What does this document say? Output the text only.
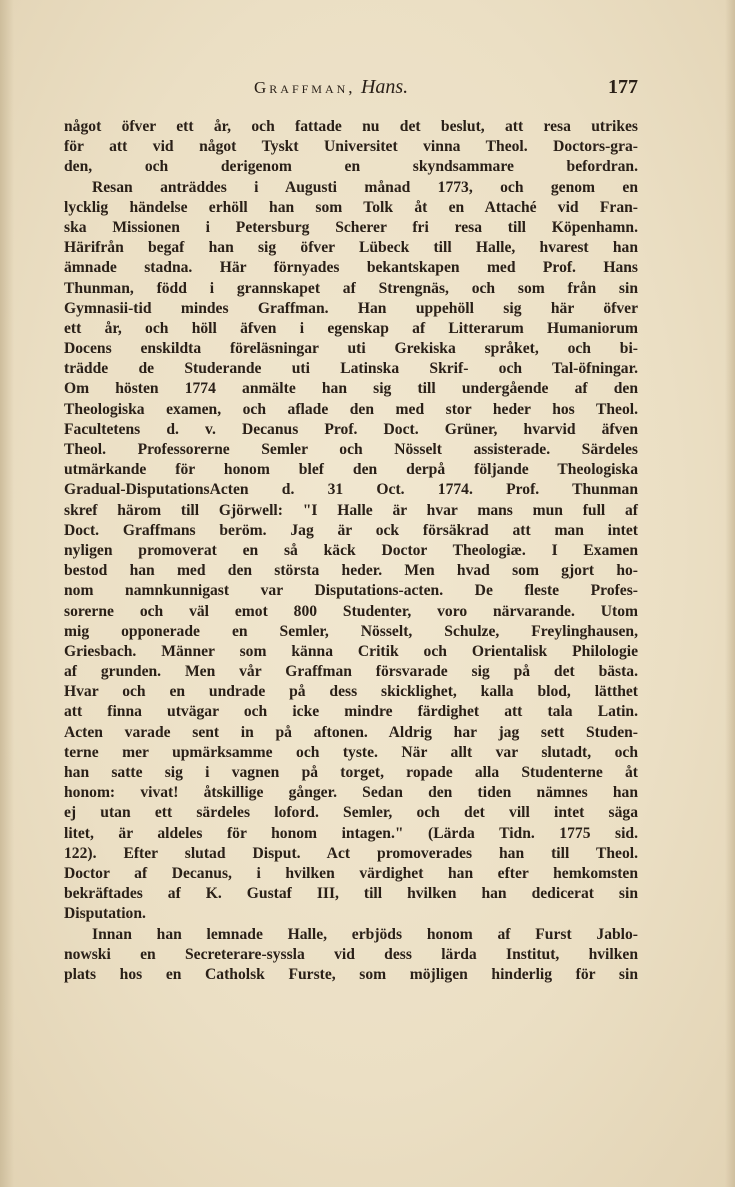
Graffman, Hans.	177
något öfver ett år, och fattade nu det beslut, att resa utrikes
för att vid något Tyskt Universitet vinna Theol. Doctors-gra-
den, och derigenom en skyndsammare befordran.
Resan anträddes i Augusti månad 1773, och genom en
lycklig händelse erhöll han som Tolk åt en Attaché vid Fran-
ska Missionen i Petersburg Scherer fri resa till Köpenhamn.
Härifrån begaf han sig öfver Lübeck till Halle, hvarest han
ämnade stadna. Här förnyades bekantskapen med Prof. Hans
Thunman, född i grannskapet af Strengnäs, och som från sin
Gymnasii-tid mindes Graffman. Han uppehöll sig här öfver
ett år, och höll äfven i egenskap af Litterarum Humaniorum
Docens enskildta föreläsningar uti Grekiska språket, och bi-
trädde de Studerande uti Latinska Skrif- och Tal-öfningar.
Om hösten 1774 anmälte han sig till undergående af den
Theologiska examen, och aflade den med stor heder hos Theol.
Facultetens d. v. Decanus Prof. Doct. Grüner, hvarvid äfven
Theol. Professorerne Semler och Nösselt assisterade. Särdeles
utmärkande för honom blef den derpå följande Theologiska
Gradual-DisputationsActen d. 31 Oct. 1774. Prof. Thunman
skref härom till Gjörwell: "I Halle är hvar mans mun full af
Doct. Graffmans beröm. Jag är ock försäkrad att man intet
nyligen promoverat en så käck Doctor Theologiæ. I Examen
bestod han med den största heder. Men hvad som gjort ho-
nom namnkunnigast var Disputations-acten. De fleste Profes-
sorerne och väl emot 800 Studenter, voro närvarande. Utom
mig opponerade en Semler, Nösselt, Schulze, Freylinghausen,
Griesbach. Männer som känna Critik och Orientalisk Philologie
af grunden. Men vår Graffman försvarade sig på det bästa.
Hvar och en undrade på dess skicklighet, kalla blod, lätthet
att finna utvägar och icke mindre färdighet att tala Latin.
Acten varade sent in på aftonen. Aldrig har jag sett Studen-
terne mer upmärksamme och tyste. När allt var slutadt, och
han satte sig i vagnen på torget, ropade alla Studenterne åt
honom: vivat! åtskillige gånger. Sedan den tiden nämnes han
ej utan ett särdeles loford. Semler, och det vill intet säga
litet, är aldeles för honom intagen." (Lärda Tidn. 1775 sid.
122). Efter slutad Disput. Act promoverades han till Theol.
Doctor af Decanus, i hvilken värdighet han efter hemkomsten
bekräftades af K. Gustaf III, till hvilken han dedicerat sin
Disputation.
Innan han lemnade Halle, erbjöds honom af Furst Jablo-
nowski en Secreterare-syssla vid dess lärda Institut, hvilken
plats hos en Catholsk Furste, som möjligen hinderlig för sin
